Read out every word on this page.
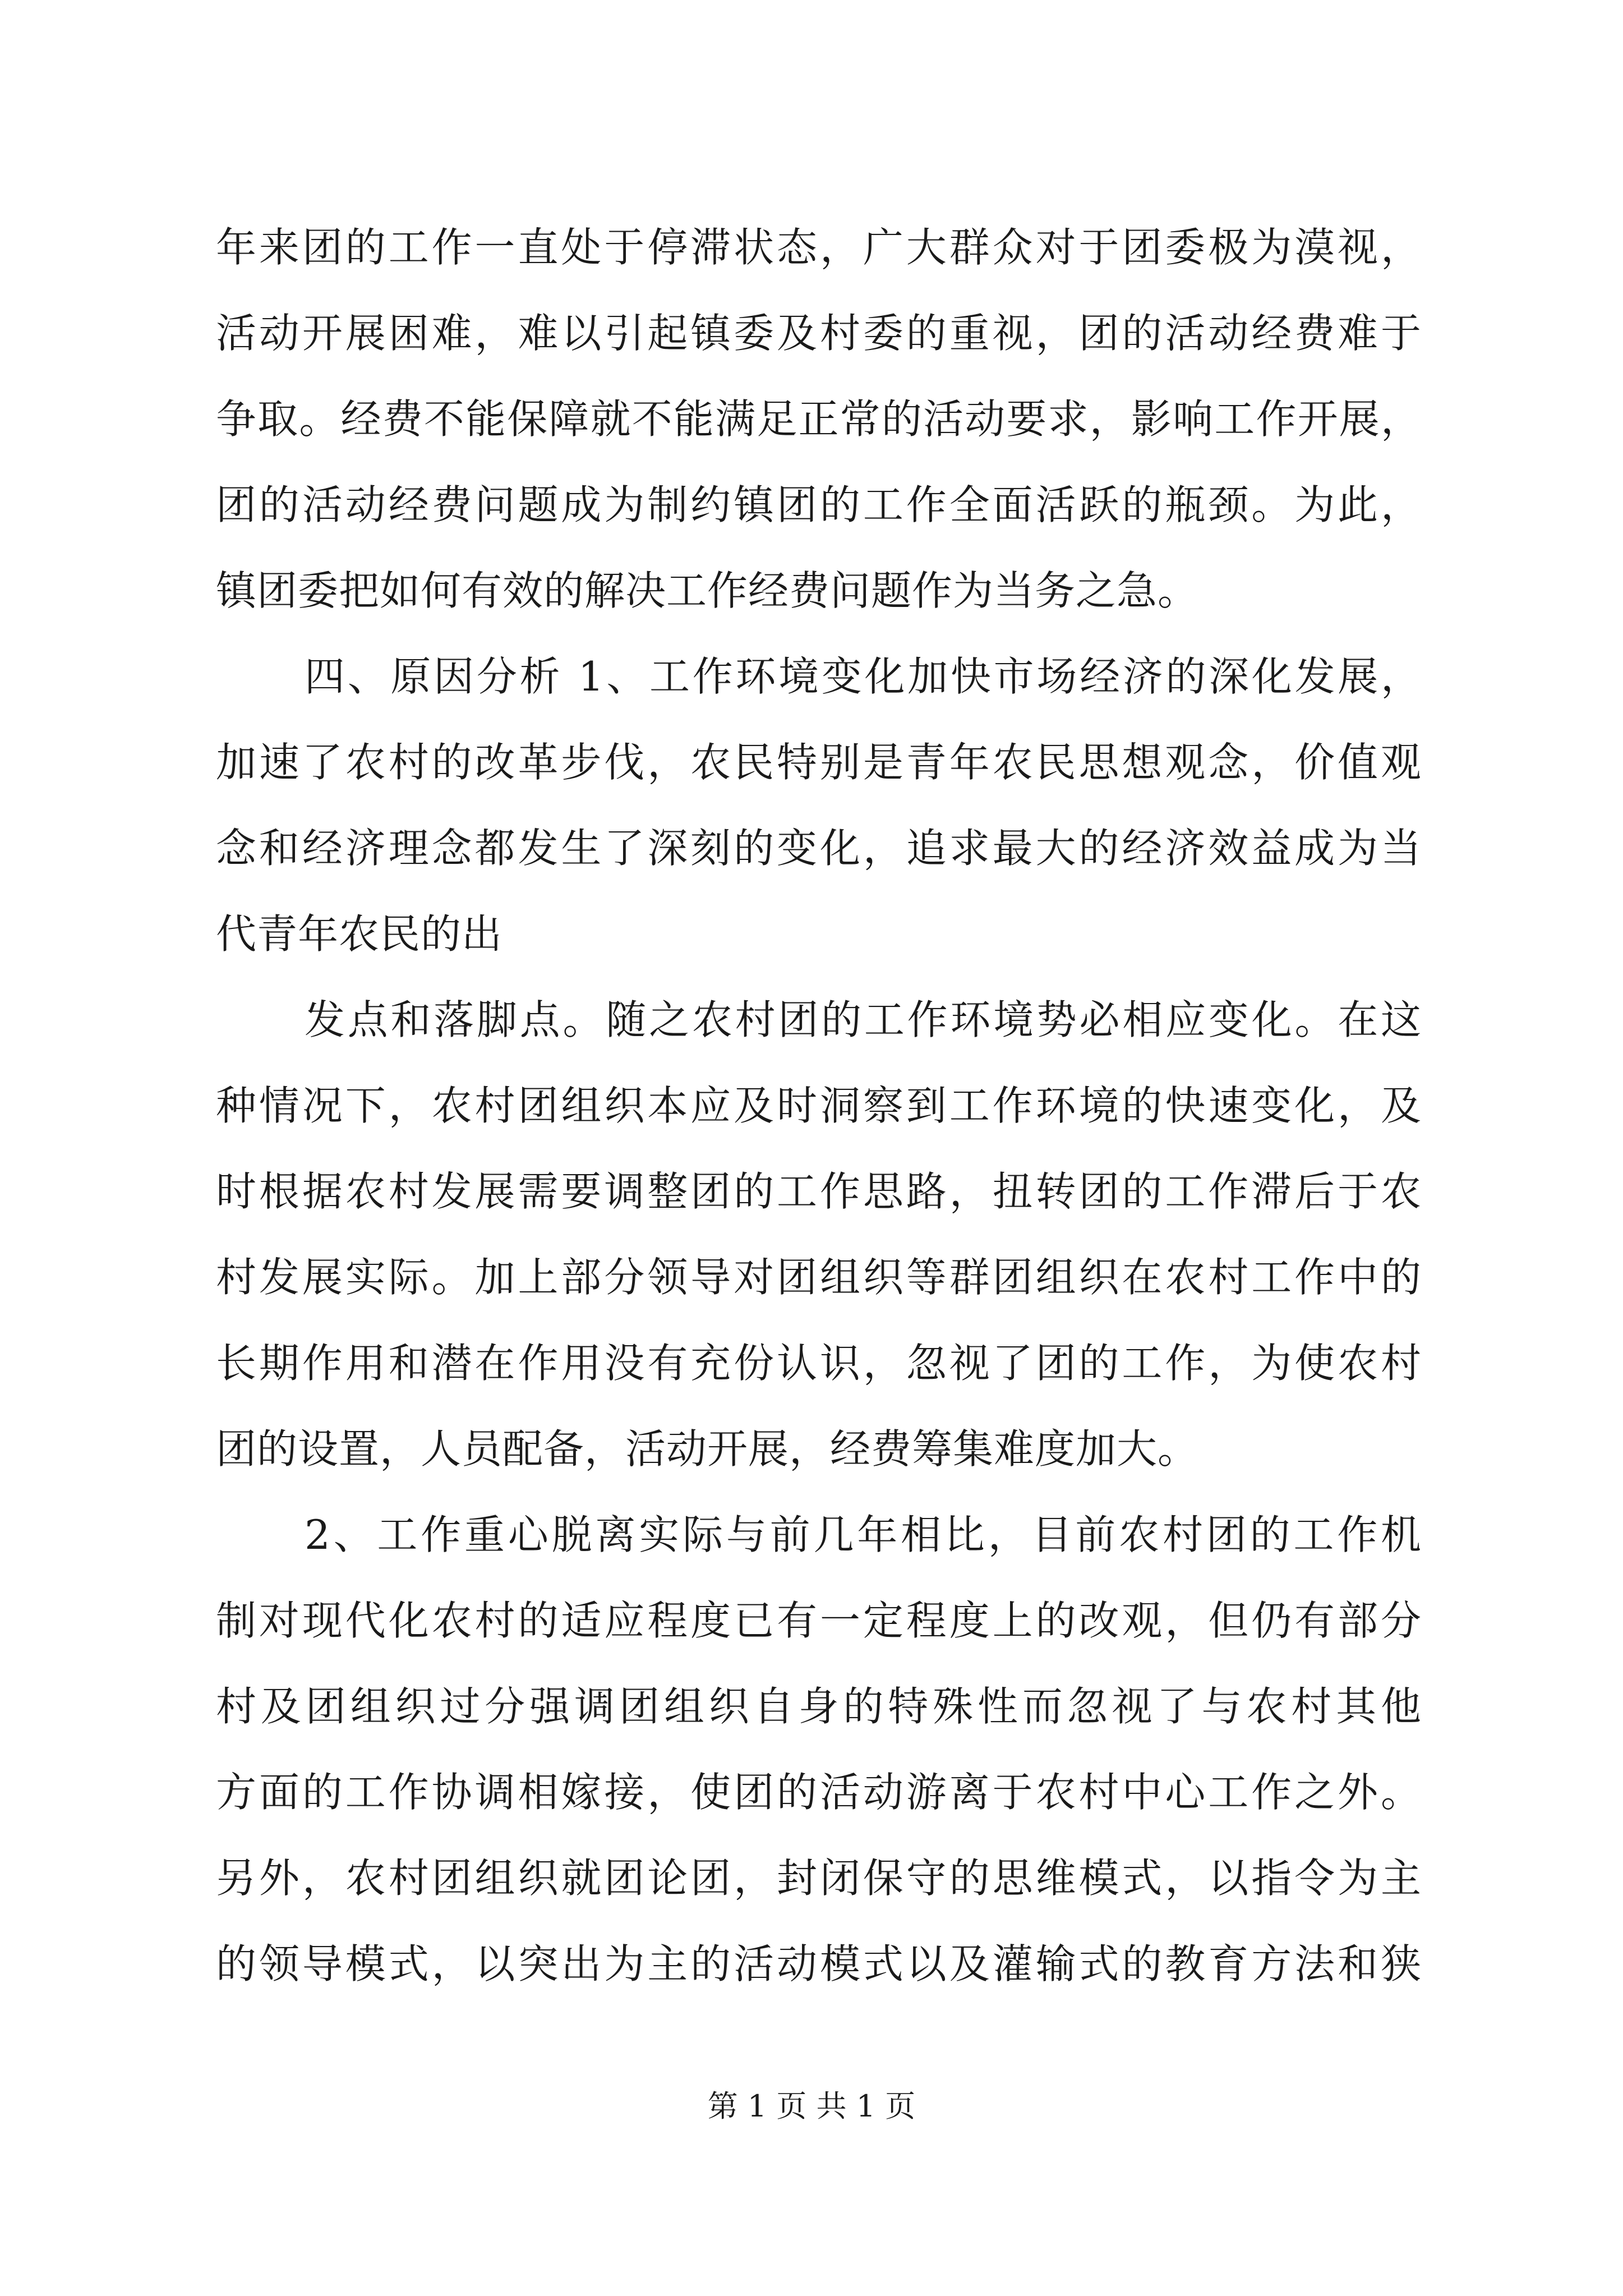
年来团的工作一直处于停滞状态，广大群众对于团委极为漠视，
活动开展困难，难以引起镇委及村委的重视，团的活动经费难于
争取。经费不能保障就不能满足正常的活动要求，影响工作开展，
团的活动经费问题成为制约镇团的工作全面活跃的瓶颈。为此，
镇团委把如何有效的解决工作经费问题作为当务之急。
四、原因分析 1、工作环境变化加快市场经济的深化发展，
加速了农村的改革步伐，农民特别是青年农民思想观念，价值观
念和经济理念都发生了深刻的变化，追求最大的经济效益成为当
代青年农民的出
发点和落脚点。随之农村团的工作环境势必相应变化。在这
种情况下，农村团组织本应及时洞察到工作环境的快速变化，及
时根据农村发展需要调整团的工作思路，扭转团的工作滞后于农
村发展实际。加上部分领导对团组织等群团组织在农村工作中的
长期作用和潜在作用没有充份认识，忽视了团的工作，为使农村
团的设置，人员配备，活动开展，经费筹集难度加大。
2、工作重心脱离实际与前几年相比，目前农村团的工作机
制对现代化农村的适应程度已有一定程度上的改观，但仍有部分
村及团组织过分强调团组织自身的特殊性而忽视了与农村其他
方面的工作协调相嫁接，使团的活动游离于农村中心工作之外。
另外，农村团组织就团论团，封闭保守的思维模式，以指令为主
的领导模式，以突出为主的活动模式以及灌输式的教育方法和狭
第 1 页 共 1 页
